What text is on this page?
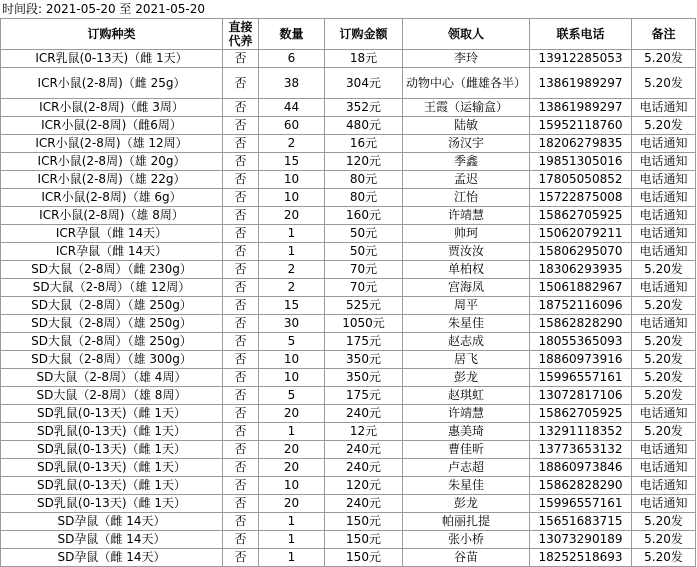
时间段: 2021-05-20 至 2021-05-20
订购种类	直接代养	数量	订购金额	领取人	联系电话	备注
ICR乳鼠(0-13天)（雌 1天）	否	6	18元	李玲	13912285053	5.20发
ICR小鼠(2-8周)（雌 25g）	否	38	304元	动物中心（雌雄各半）	13861989297	5.20发
ICR小鼠(2-8周)（雌 3周）	否	44	352元	王霞（运输盒）	13861989297	电话通知
ICR小鼠(2-8周)（雌6周）	否	60	480元	陆敏	15952118760	5.20发
ICR小鼠(2-8周)（雄 12周）	否	2	16元	汤汉宇	18206279835	电话通知
ICR小鼠(2-8周)（雄 20g）	否	15	120元	季鑫	19851305016	电话通知
ICR小鼠(2-8周)（雄 22g）	否	10	80元	孟迟	17805050852	电话通知
ICR小鼠(2-8周)（雄 6g）	否	10	80元	江怡	15722875008	电话通知
ICR小鼠(2-8周)（雄 8周）	否	20	160元	许靖慧	15862705925	电话通知
ICR孕鼠（雌 14天）	否	1	50元	帅珂	15062079211	电话通知
ICR孕鼠（雌 14天）	否	1	50元	贾汝汝	15806295070	电话通知
SD大鼠（2-8周）（雌 230g）	否	2	70元	单柏权	18306293935	5.20发
SD大鼠（2-8周）（雄 12周）	否	2	70元	宫海凤	15061882967	电话通知
SD大鼠（2-8周）（雄 250g）	否	15	525元	周平	18752116096	5.20发
SD大鼠（2-8周）（雄 250g）	否	30	1050元	朱星佳	15862828290	电话通知
SD大鼠（2-8周）（雄 250g）	否	5	175元	赵志成	18055365093	5.20发
SD大鼠（2-8周）（雄 300g）	否	10	350元	居飞	18860973916	5.20发
SD大鼠（2-8周）（雄 4周）	否	10	350元	彭龙	15996557161	5.20发
SD大鼠（2-8周）（雄 8周）	否	5	175元	赵琪虹	13072817106	5.20发
SD乳鼠(0-13天)（雌 1天）	否	20	240元	许靖慧	15862705925	电话通知
SD乳鼠(0-13天)（雌 1天）	否	1	12元	惠美琦	13291118352	5.20发
SD乳鼠(0-13天)（雌 1天）	否	20	240元	曹佳昕	13773653132	电话通知
SD乳鼠(0-13天)（雌 1天）	否	20	240元	卢志超	18860973846	电话通知
SD乳鼠(0-13天)（雌 1天）	否	10	120元	朱星佳	15862828290	电话通知
SD乳鼠(0-13天)（雌 1天）	否	20	240元	彭龙	15996557161	电话通知
SD孕鼠（雌 14天）	否	1	150元	帕丽扎提	15651683715	5.20发
SD孕鼠（雌 14天）	否	1	150元	张小桥	13073290189	5.20发
SD孕鼠（雌 14天）	否	1	150元	谷苗	18252518693	5.20发
